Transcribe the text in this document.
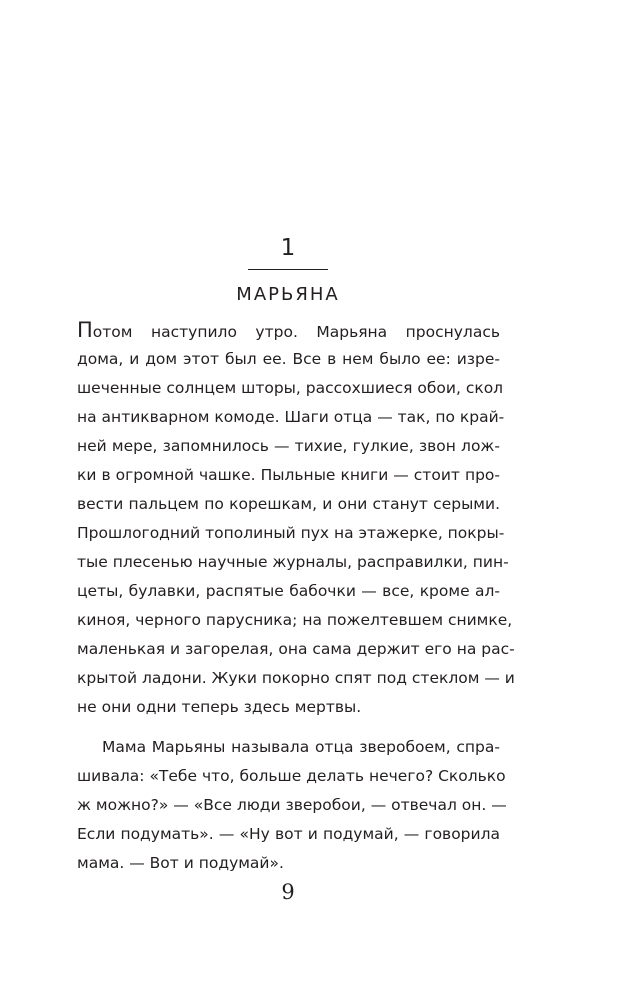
1
МАРЬЯНА
Потом наступило утро. Марьяна проснулась
дома, и дом этот был ее. Все в нем было ее: изре-
шеченные солнцем шторы, рассохшиеся обои, скол
на антикварном комоде. Шаги отца — так, по край-
ней мере, запомнилось — тихие, гулкие, звон лож-
ки в огромной чашке. Пыльные книги — стоит про-
вести пальцем по корешкам, и они станут серыми.
Прошлогодний тополиный пух на этажерке, покры-
тые плесенью научные журналы, расправилки, пин-
цеты, булавки, распятые бабочки — все, кроме ал-
киноя, черного парусника; на пожелтевшем снимке,
маленькая и загорелая, она сама держит его на рас-
крытой ладони. Жуки покорно спят под стеклом — и
не они одни теперь здесь мертвы.
Мама Марьяны называла отца зверобоем, спра-
шивала: «Тебе что, больше делать нечего? Сколько
ж можно?» — «Все люди зверобои, — отвечал он. —
Если подумать». — «Ну вот и подумай, — говорила
мама. — Вот и подумай».
9
